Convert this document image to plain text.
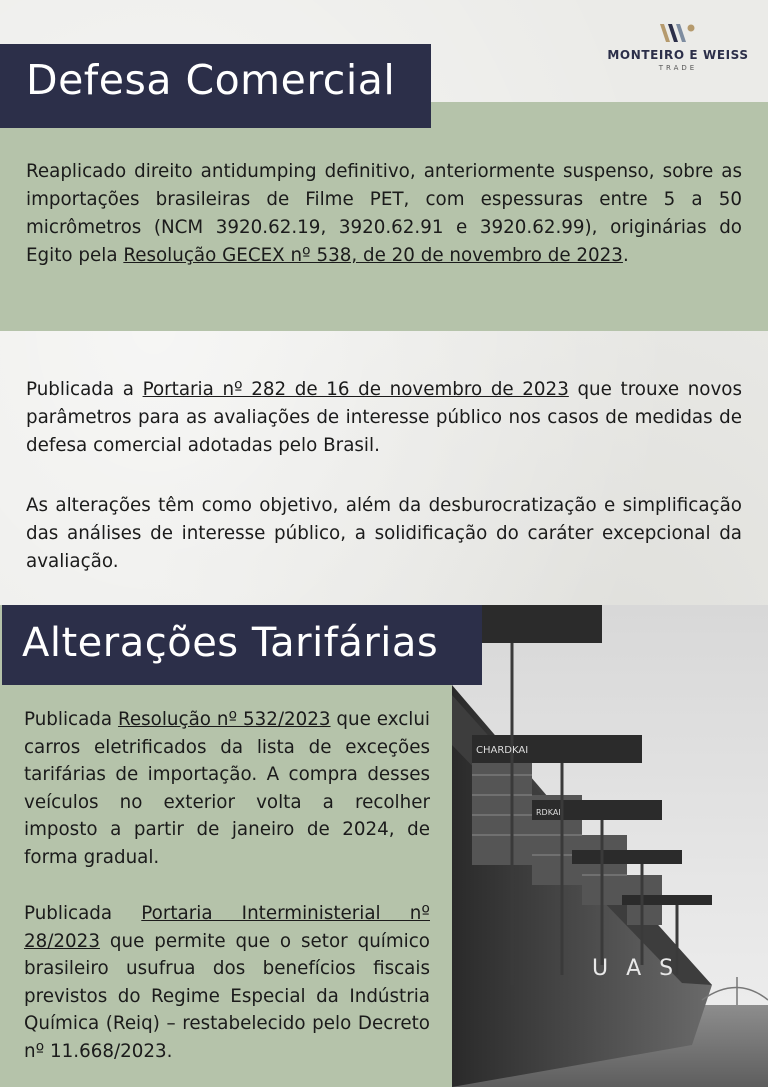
MONTEIRO E WEISS
TRADE
Defesa Comercial
Reaplicado direito antidumping definitivo, anteriormente suspenso, sobre as importações brasileiras de Filme PET, com espessuras entre 5 a 50 micrômetros (NCM 3920.62.19, 3920.62.91 e 3920.62.99), originárias do Egito pela Resolução GECEX nº 538, de 20 de novembro de 2023.
Publicada a Portaria nº 282 de 16 de novembro de 2023 que trouxe novos parâmetros para as avaliações de interesse público nos casos de medidas de defesa comercial adotadas pelo Brasil.
As alterações têm como objetivo, além da desburocratização e simplificação das análises de interesse público, a solidificação do caráter excepcional da avaliação.
CHARDKAI
RDKAI
UAS
Alterações Tarifárias
Publicada Resolução nº 532/2023 que exclui carros eletrificados da lista de exceções tarifárias de importação. A compra desses veículos no exterior volta a recolher imposto a partir de janeiro de 2024, de forma gradual.
Publicada Portaria Interministerial nº 28/2023 que permite que o setor químico brasileiro usufrua dos benefícios fiscais previstos do Regime Especial da Indústria Química (Reiq) – restabelecido pelo Decreto nº 11.668/2023.
